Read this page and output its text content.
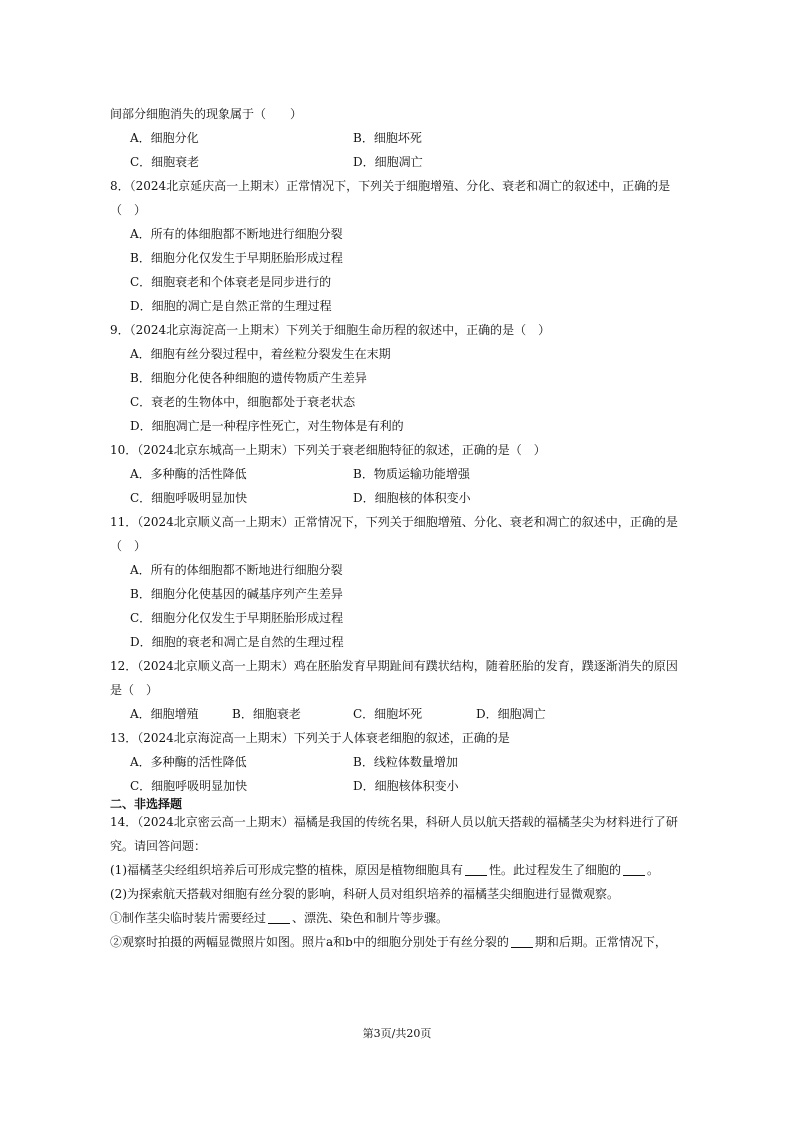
间部分细胞消失的现象属于（　　）
A．细胞分化	B．细胞坏死
C．细胞衰老	D．细胞凋亡
8．（2024北京延庆高一上期末）正常情况下，下列关于细胞增殖、分化、衰老和凋亡的叙述中，正确的是
（　）
A．所有的体细胞都不断地进行细胞分裂
B．细胞分化仅发生于早期胚胎形成过程
C．细胞衰老和个体衰老是同步进行的
D．细胞的凋亡是自然正常的生理过程
9．（2024北京海淀高一上期末）下列关于细胞生命历程的叙述中，正确的是（　）
A．细胞有丝分裂过程中，着丝粒分裂发生在末期
B．细胞分化使各种细胞的遗传物质产生差异
C．衰老的生物体中，细胞都处于衰老状态
D．细胞凋亡是一种程序性死亡，对生物体是有利的
10．（2024北京东城高一上期末）下列关于衰老细胞特征的叙述，正确的是（　）
A．多种酶的活性降低	B．物质运输功能增强
C．细胞呼吸明显加快	D．细胞核的体积变小
11．（2024北京顺义高一上期末）正常情况下，下列关于细胞增殖、分化、衰老和凋亡的叙述中，正确的是
（　）
A．所有的体细胞都不断地进行细胞分裂
B．细胞分化使基因的碱基序列产生差异
C．细胞分化仅发生于早期胚胎形成过程
D．细胞的衰老和凋亡是自然的生理过程
12．（2024北京顺义高一上期末）鸡在胚胎发育早期趾间有蹼状结构，随着胚胎的发育，蹼逐渐消失的原因
是（　）
A．细胞增殖	B．细胞衰老	C．细胞坏死	D．细胞凋亡
13．（2024北京海淀高一上期末）下列关于人体衰老细胞的叙述，正确的是
A．多种酶的活性降低	B．线粒体数量增加
C．细胞呼吸明显加快	D．细胞核体积变小
二、非选择题
14．（2024北京密云高一上期末）福橘是我国的传统名果，科研人员以航天搭载的福橘茎尖为材料进行了研
究。请回答问题：
(1)福橘茎尖经组织培养后可形成完整的植株，原因是植物细胞具有 性。此过程发生了细胞的 。
(2)为探索航天搭载对细胞有丝分裂的影响，科研人员对组织培养的福橘茎尖细胞进行显微观察。
①制作茎尖临时装片需要经过 、漂洗、染色和制片等步骤。
②观察时拍摄的两幅显微照片如图。照片a和b中的细胞分别处于有丝分裂的 期和后期。正常情况下，
第3页/共20页
